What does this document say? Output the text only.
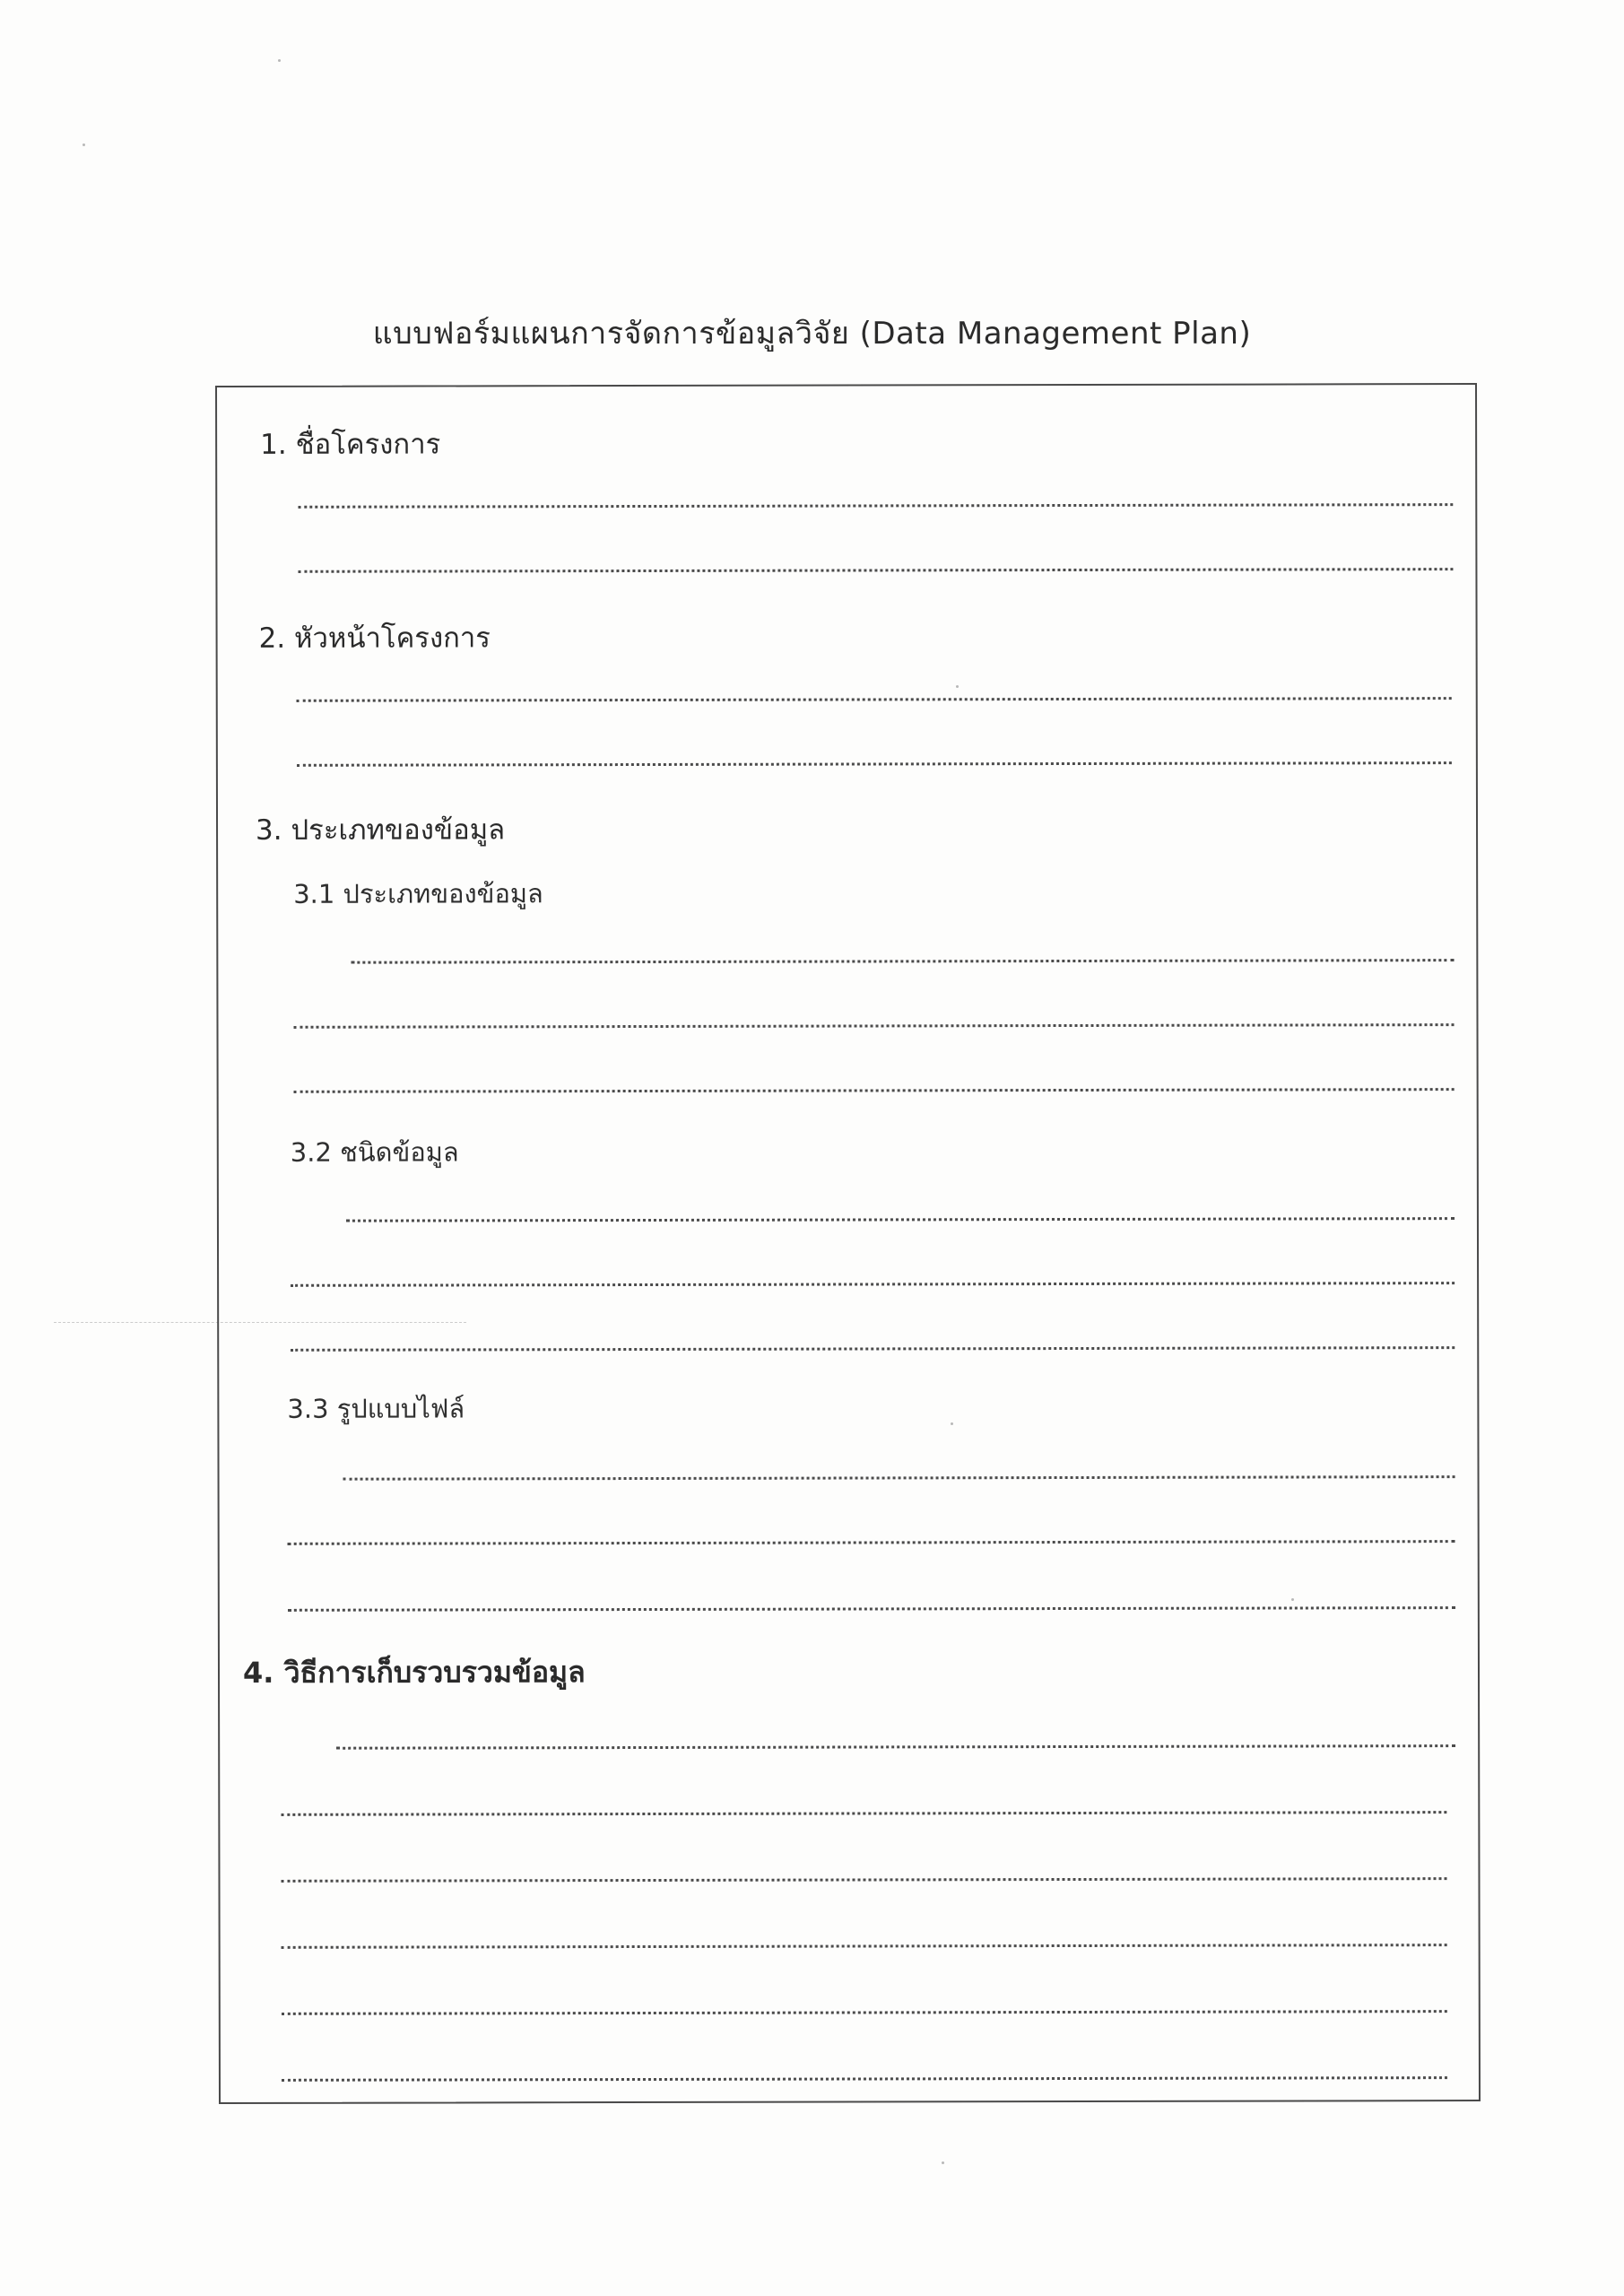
แบบฟอร์มแผนการจัดการข้อมูลวิจัย (Data Management Plan)
1. ชื่อโครงการ
2. หัวหน้าโครงการ
3. ประเภทของข้อมูล
3.1 ประเภทของข้อมูล
3.2 ชนิดข้อมูล
3.3 รูปแบบไฟล์
4. วิธีการเก็บรวบรวมข้อมูล
